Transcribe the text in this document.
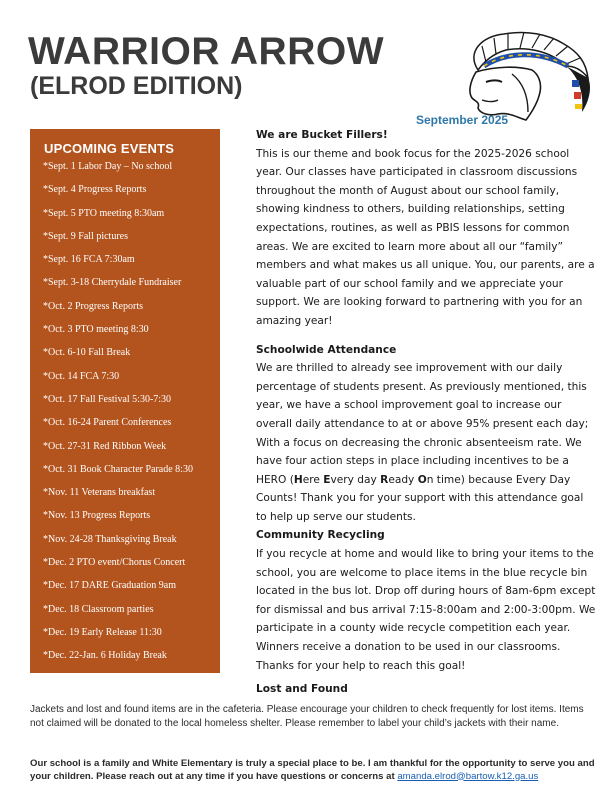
WARRIOR ARROW
(ELROD EDITION)
September 2025
UPCOMING EVENTS
*Sept. 1 Labor Day – No school
*Sept. 4 Progress Reports
*Sept. 5 PTO meeting 8:30am
*Sept. 9 Fall pictures
*Sept. 16 FCA 7:30am
*Sept. 3-18 Cherrydale Fundraiser
*Oct. 2 Progress Reports
*Oct. 3 PTO meeting 8:30
*Oct. 6-10 Fall Break
*Oct. 14 FCA 7:30
*Oct. 17 Fall Festival 5:30-7:30
*Oct. 16-24 Parent Conferences
*Oct. 27-31 Red Ribbon Week
*Oct. 31 Book Character Parade 8:30
*Nov. 11 Veterans breakfast
*Nov. 13 Progress Reports
*Nov. 24-28 Thanksgiving Break
*Dec. 2 PTO event/Chorus Concert
*Dec. 17 DARE Graduation 9am
*Dec. 18 Classroom parties
*Dec. 19 Early Release 11:30
*Dec. 22-Jan. 6 Holiday Break
We are Bucket Fillers!

This is our theme and book focus for the 2025-2026 school year. Our classes have participated in classroom discussions throughout the month of August about our school family, showing kindness to others, building relationships, setting expectations, routines, as well as PBIS lessons for common areas. We are excited to learn more about all our “family” members and what makes us all unique. You, our parents, are a valuable part of our school family and we appreciate your support. We are looking forward to partnering with you for an amazing year!

Schoolwide Attendance

We are thrilled to already see improvement with our daily percentage of students present. As previously mentioned, this year, we have a school improvement goal to increase our overall daily attendance to at or above 95% present each day; With a focus on decreasing the chronic absenteeism rate. We have four action steps in place including incentives to be a HERO (Here Every day Ready On time) because Every Day Counts! Thank you for your support with this attendance goal to help up serve our students.

Community Recycling

If you recycle at home and would like to bring your items to the school, you are welcome to place items in the blue recycle bin located in the bus lot. Drop off during hours of 8am-6pm except for dismissal and bus arrival 7:15-8:00am and 2:00-3:00pm. We participate in a county wide recycle competition each year. Winners receive a donation to be used in our classrooms. Thanks for your help to reach this goal!

Lost and Found
Jackets and lost and found items are in the cafeteria. Please encourage your children to check frequently for lost items. Items not claimed will be donated to the local homeless shelter. Please remember to label your child’s jackets with their name.
Our school is a family and White Elementary is truly a special place to be. I am thankful for the opportunity to serve you and your children. Please reach out at any time if you have questions or concerns at amanda.elrod@bartow.k12.ga.us
